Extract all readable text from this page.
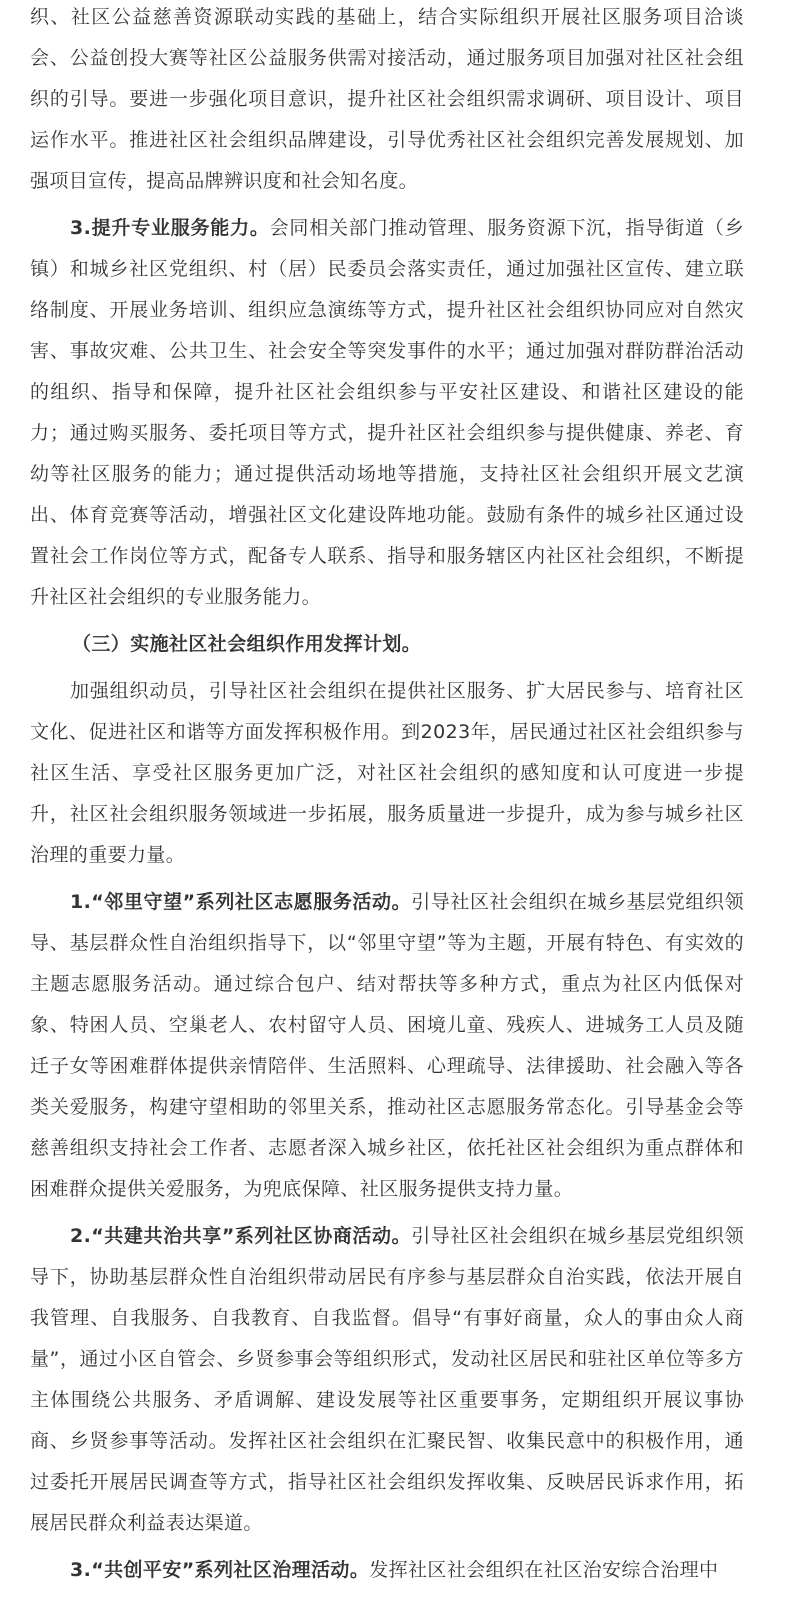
织、社区公益慈善资源联动实践的基础上，结合实际组织开展社区服务项目洽谈会、公益创投大赛等社区公益服务供需对接活动，通过服务项目加强对社区社会组织的引导。要进一步强化项目意识，提升社区社会组织需求调研、项目设计、项目运作水平。推进社区社会组织品牌建设，引导优秀社区社会组织完善发展规划、加强项目宣传，提高品牌辨识度和社会知名度。

3.提升专业服务能力。会同相关部门推动管理、服务资源下沉，指导街道（乡镇）和城乡社区党组织、村（居）民委员会落实责任，通过加强社区宣传、建立联络制度、开展业务培训、组织应急演练等方式，提升社区社会组织协同应对自然灾害、事故灾难、公共卫生、社会安全等突发事件的水平；通过加强对群防群治活动的组织、指导和保障，提升社区社会组织参与平安社区建设、和谐社区建设的能力；通过购买服务、委托项目等方式，提升社区社会组织参与提供健康、养老、育幼等社区服务的能力；通过提供活动场地等措施，支持社区社会组织开展文艺演出、体育竞赛等活动，增强社区文化建设阵地功能。鼓励有条件的城乡社区通过设置社会工作岗位等方式，配备专人联系、指导和服务辖区内社区社会组织，不断提升社区社会组织的专业服务能力。

（三）实施社区社会组织作用发挥计划。

加强组织动员，引导社区社会组织在提供社区服务、扩大居民参与、培育社区文化、促进社区和谐等方面发挥积极作用。到2023年，居民通过社区社会组织参与社区生活、享受社区服务更加广泛，对社区社会组织的感知度和认可度进一步提升，社区社会组织服务领域进一步拓展，服务质量进一步提升，成为参与城乡社区治理的重要力量。

1.“邻里守望”系列社区志愿服务活动。引导社区社会组织在城乡基层党组织领导、基层群众性自治组织指导下，以“邻里守望”等为主题，开展有特色、有实效的主题志愿服务活动。通过综合包户、结对帮扶等多种方式，重点为社区内低保对象、特困人员、空巢老人、农村留守人员、困境儿童、残疾人、进城务工人员及随迁子女等困难群体提供亲情陪伴、生活照料、心理疏导、法律援助、社会融入等各类关爱服务，构建守望相助的邻里关系，推动社区志愿服务常态化。引导基金会等慈善组织支持社会工作者、志愿者深入城乡社区，依托社区社会组织为重点群体和困难群众提供关爱服务，为兜底保障、社区服务提供支持力量。

2.“共建共治共享”系列社区协商活动。引导社区社会组织在城乡基层党组织领导下，协助基层群众性自治组织带动居民有序参与基层群众自治实践，依法开展自我管理、自我服务、自我教育、自我监督。倡导“有事好商量，众人的事由众人商量”，通过小区自管会、乡贤参事会等组织形式，发动社区居民和驻社区单位等多方主体围绕公共服务、矛盾调解、建设发展等社区重要事务，定期组织开展议事协商、乡贤参事等活动。发挥社区社会组织在汇聚民智、收集民意中的积极作用，通过委托开展居民调查等方式，指导社区社会组织发挥收集、反映居民诉求作用，拓展居民群众利益表达渠道。

3.“共创平安”系列社区治理活动。发挥社区社会组织在社区治安综合治理中
